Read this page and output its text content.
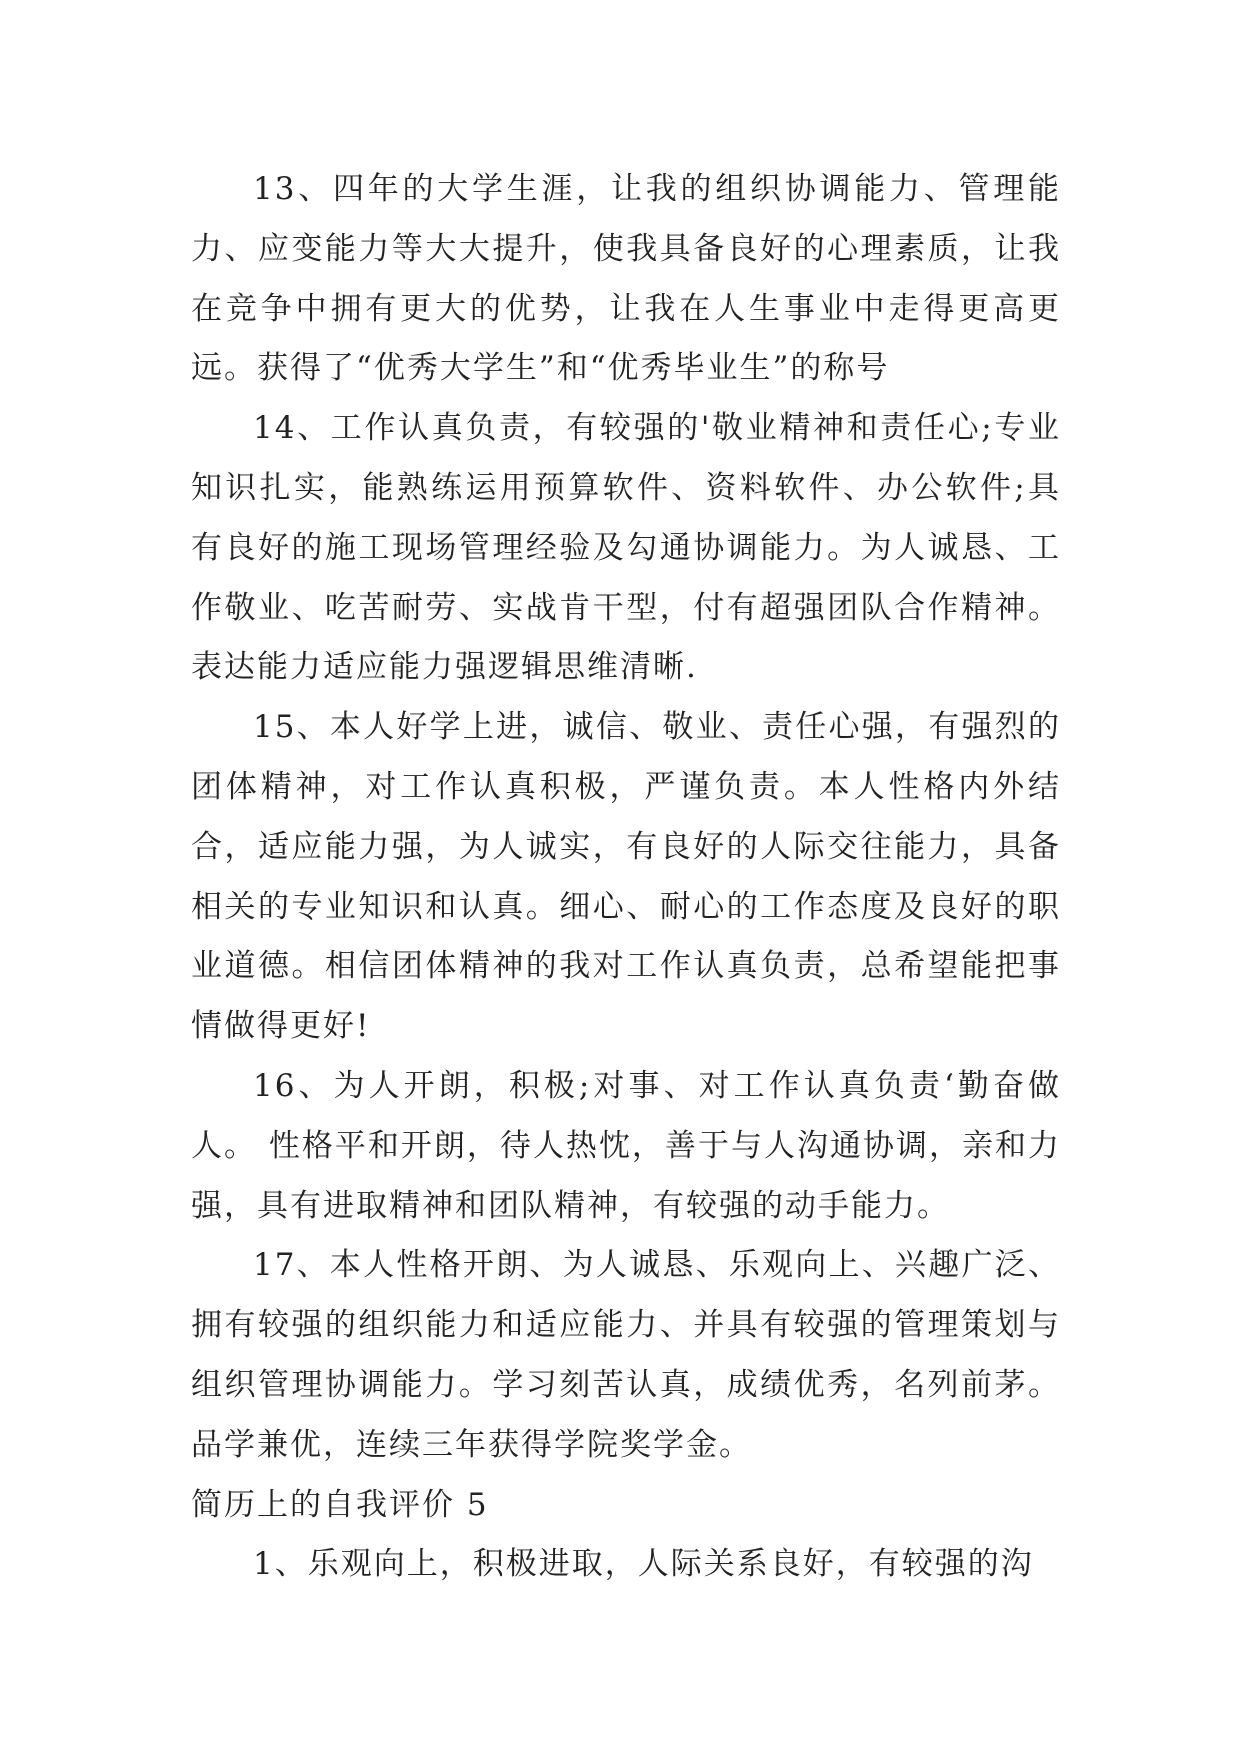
13、四年的大学生涯，让我的组织协调能力、管理能力、应变能力等大大提升，使我具备良好的心理素质，让我在竞争中拥有更大的优势，让我在人生事业中走得更高更远。获得了“优秀大学生”和“优秀毕业生”的称号

14、工作认真负责，有较强的'敬业精神和责任心;专业知识扎实，能熟练运用预算软件、资料软件、办公软件;具有良好的施工现场管理经验及勾通协调能力。为人诚恳、工作敬业、吃苦耐劳、实战肯干型，付有超强团队合作精神。表达能力适应能力强逻辑思维清晰.

15、本人好学上进，诚信、敬业、责任心强，有强烈的团体精神，对工作认真积极，严谨负责。本人性格内外结合，适应能力强，为人诚实，有良好的人际交往能力，具备相关的专业知识和认真。细心、耐心的工作态度及良好的职业道德。相信团体精神的我对工作认真负责，总希望能把事情做得更好!

16、为人开朗，积极;对事、对工作认真负责‘勤奋做人。 性格平和开朗，待人热忱，善于与人沟通协调，亲和力强，具有进取精神和团队精神，有较强的动手能力。

17、本人性格开朗、为人诚恳、乐观向上、兴趣广泛、拥有较强的组织能力和适应能力、并具有较强的管理策划与组织管理协调能力。学习刻苦认真，成绩优秀，名列前茅。品学兼优，连续三年获得学院奖学金。

简历上的自我评价 5

1、乐观向上，积极进取，人际关系良好，有较强的沟
